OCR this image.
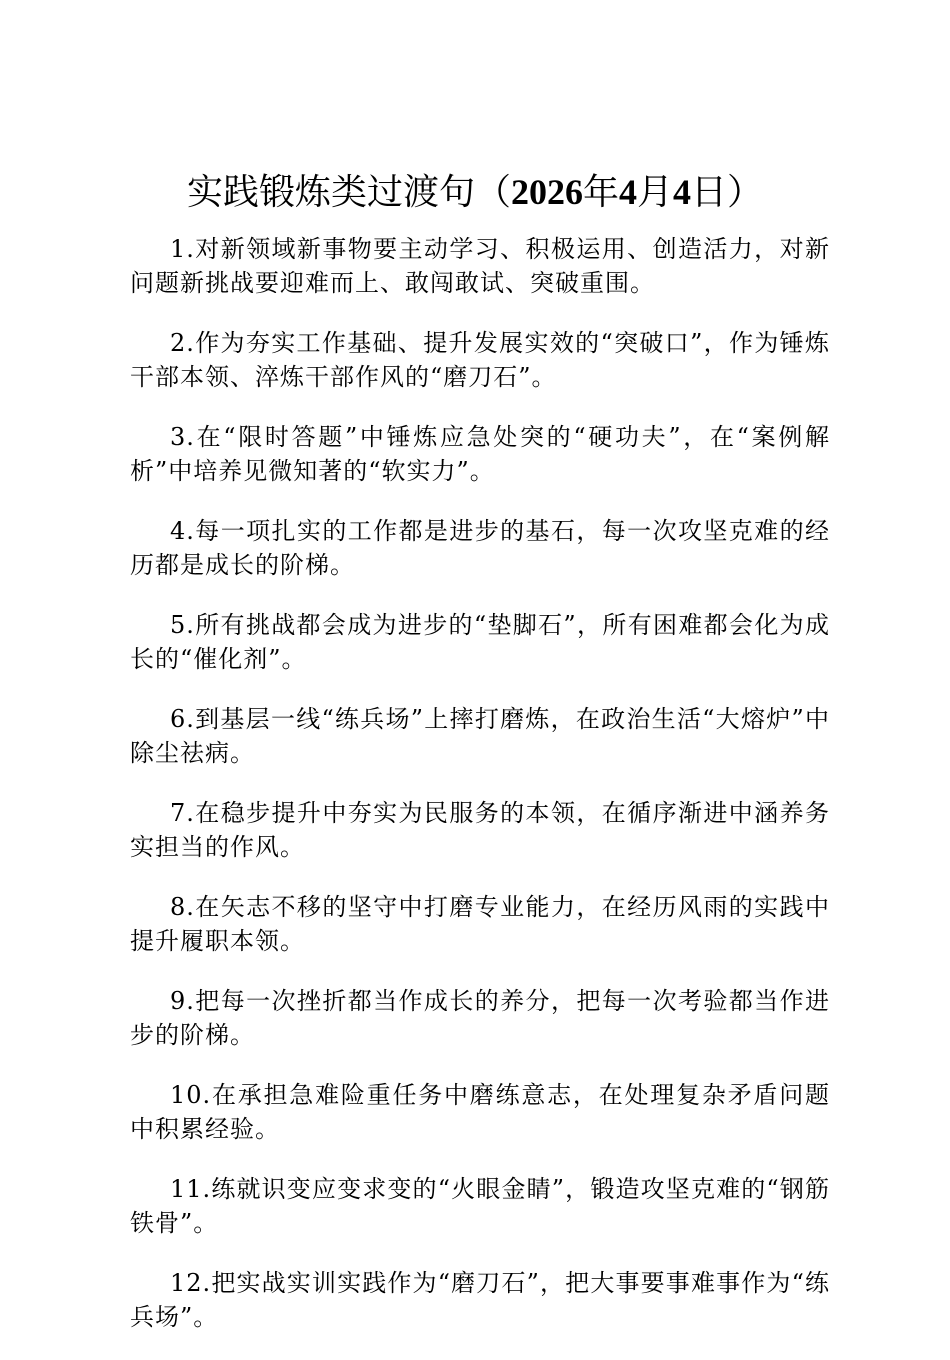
实践锻炼类过渡句（2026年4月4日）
1.对新领域新事物要主动学习、积极运用、创造活力，对新问题新挑战要迎难而上、敢闯敢试、突破重围。
2.作为夯实工作基础、提升发展实效的“突破口”，作为锤炼干部本领、淬炼干部作风的“磨刀石”。
3.在“限时答题”中锤炼应急处突的“硬功夫”，在“案例解析”中培养见微知著的“软实力”。
4.每一项扎实的工作都是进步的基石，每一次攻坚克难的经历都是成长的阶梯。
5.所有挑战都会成为进步的“垫脚石”，所有困难都会化为成长的“催化剂”。
6.到基层一线“练兵场”上摔打磨炼，在政治生活“大熔炉”中除尘祛病。
7.在稳步提升中夯实为民服务的本领，在循序渐进中涵养务实担当的作风。
8.在矢志不移的坚守中打磨专业能力，在经历风雨的实践中提升履职本领。
9.把每一次挫折都当作成长的养分，把每一次考验都当作进步的阶梯。
10.在承担急难险重任务中磨练意志，在处理复杂矛盾问题中积累经验。
11.练就识变应变求变的“火眼金睛”，锻造攻坚克难的“钢筋铁骨”。
12.把实战实训实践作为“磨刀石”，把大事要事难事作为“练兵场”。
